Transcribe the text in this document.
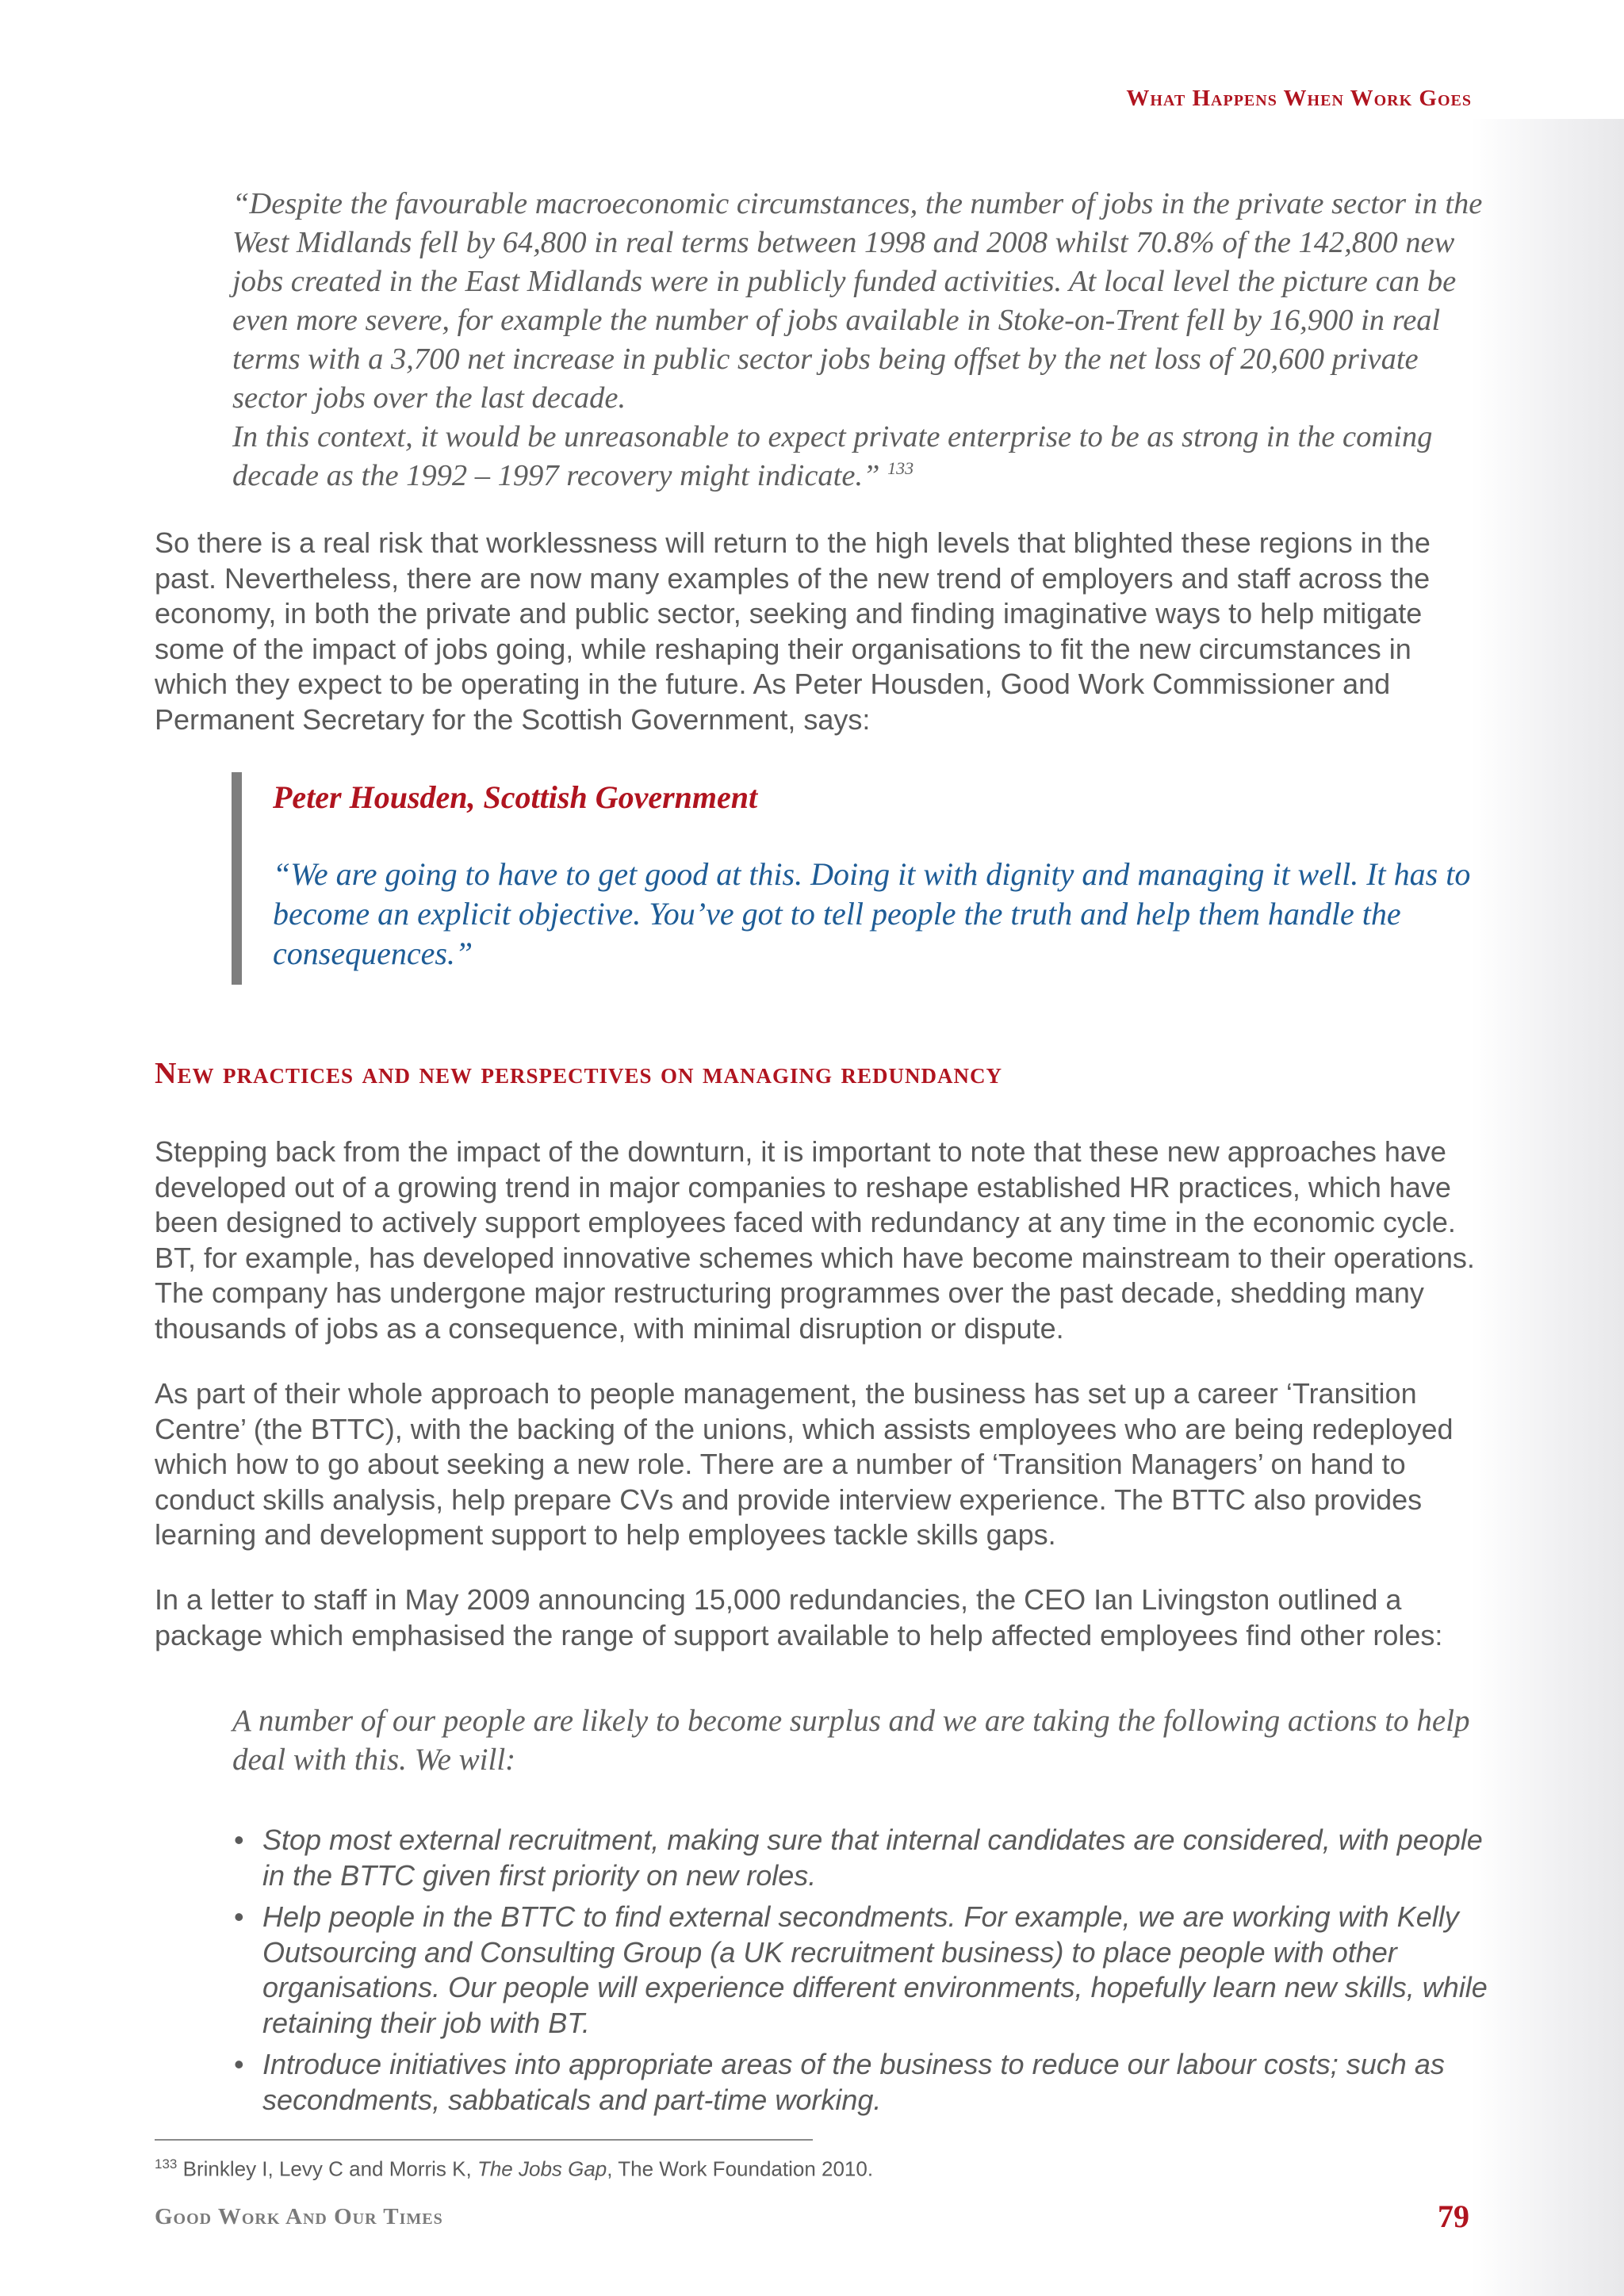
What Happens When Work Goes

“Despite the favourable macroeconomic circumstances, the number of jobs in the private sector in the West Midlands fell by 64,800 in real terms between 1998 and 2008 whilst 70.8% of the 142,800 new jobs created in the East Midlands were in publicly funded activities. At local level the picture can be even more severe, for example the number of jobs available in Stoke-on-Trent fell by 16,900 in real terms with a 3,700 net increase in public sector jobs being offset by the net loss of 20,600 private sector jobs over the last decade.

In this context, it would be unreasonable to expect private enterprise to be as strong in the coming decade as the 1992 – 1997 recovery might indicate.” $^{133}$

So there is a real risk that worklessness will return to the high levels that blighted these regions in the past. Nevertheless, there are now many examples of the new trend of employers and staff across the economy, in both the private and public sector, seeking and finding imaginative ways to help mitigate some of the impact of jobs going, while reshaping their organisations to fit the new circumstances in which they expect to be operating in the future. As Peter Housden, Good Work Commissioner and Permanent Secretary for the Scottish Government, says:

Peter Housden, Scottish Government
“We are going to have to get good at this. Doing it with dignity and managing it well. It has to become an explicit objective. You’ve got to tell people the truth and help them handle the consequences.”
New practices and new perspectives on managing redundancy

Stepping back from the impact of the downturn, it is important to note that these new approaches have developed out of a growing trend in major companies to reshape established HR practices, which have been designed to actively support employees faced with redundancy at any time in the economic cycle. BT, for example, has developed innovative schemes which have become mainstream to their operations. The company has undergone major restructuring programmes over the past decade, shedding many thousands of jobs as a consequence, with minimal disruption or dispute.

As part of their whole approach to people management, the business has set up a career ‘Transition Centre’ (the BTTC), with the backing of the unions, which assists employees who are being redeployed which how to go about seeking a new role. There are a number of ‘Transition Managers’ on hand to conduct skills analysis, help prepare CVs and provide interview experience. The BTTC also provides learning and development support to help employees tackle skills gaps.

In a letter to staff in May 2009 announcing 15,000 redundancies, the CEO Ian Livingston outlined a package which emphasised the range of support available to help affected employees find other roles:

A number of our people are likely to become surplus and we are taking the following actions to help deal with this. We will:
• Stop most external recruitment, making sure that internal candidates are considered, with people in the BTTC given first priority on new roles.
• Help people in the BTTC to find external secondments. For example, we are working with Kelly Outsourcing and Consulting Group (a UK recruitment business) to place people with other organisations. Our people will experience different environments, hopefully learn new skills, while retaining their job with BT.
• Introduce initiatives into appropriate areas of the business to reduce our labour costs; such as secondments, sabbaticals and part-time working.
$^{133}$ Brinkley I, Levy C and Morris K, The Jobs Gap, The Work Foundation 2010.
Good Work And Our Times	79
